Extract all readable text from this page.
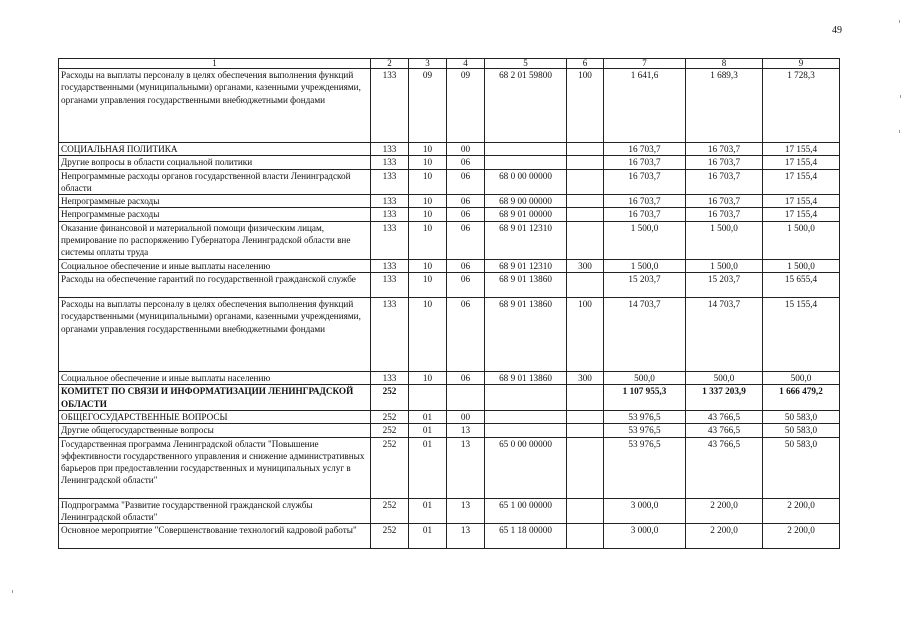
49
1	2	3	4	5	6	7	8	9
Расходы на выплаты персоналу в целях обеспечения выполнения функций государственными (муниципальными) органами, казенными учреждениями, органами управления государственными внебюджетными фондами	133	09	09	68 2 01 59800	100	1 641,6	1 689,3	1 728,3
СОЦИАЛЬНАЯ ПОЛИТИКА	133	10	00			16 703,7	16 703,7	17 155,4
Другие вопросы в области социальной политики	133	10	06			16 703,7	16 703,7	17 155,4
Непрограммные расходы органов государственной власти Ленинградской области	133	10	06	68 0 00 00000		16 703,7	16 703,7	17 155,4
Непрограммные расходы	133	10	06	68 9 00 00000		16 703,7	16 703,7	17 155,4
Непрограммные расходы	133	10	06	68 9 01 00000		16 703,7	16 703,7	17 155,4
Оказание финансовой и материальной помощи физическим лицам, премирование по распоряжению Губернатора Ленинградской области вне системы оплаты труда	133	10	06	68 9 01 12310		1 500,0	1 500,0	1 500,0
Социальное обеспечение и иные выплаты населению	133	10	06	68 9 01 12310	300	1 500,0	1 500,0	1 500,0
Расходы на обеспечение гарантий по государственной гражданской службе	133	10	06	68 9 01 13860		15 203,7	15 203,7	15 655,4
Расходы на выплаты персоналу в целях обеспечения выполнения функций государственными (муниципальными) органами, казенными учреждениями, органами управления государственными внебюджетными фондами	133	10	06	68 9 01 13860	100	14 703,7	14 703,7	15 155,4
Социальное обеспечение и иные выплаты населению	133	10	06	68 9 01 13860	300	500,0	500,0	500,0
КОМИТЕТ ПО СВЯЗИ И ИНФОРМАТИЗАЦИИ ЛЕНИНГРАДСКОЙ ОБЛАСТИ	252					1 107 955,3	1 337 203,9	1 666 479,2
ОБЩЕГОСУДАРСТВЕННЫЕ ВОПРОСЫ	252	01	00			53 976,5	43 766,5	50 583,0
Другие общегосударственные вопросы	252	01	13			53 976,5	43 766,5	50 583,0
Государственная программа Ленинградской области "Повышение эффективности государственного управления и снижение административных барьеров при предоставлении государственных и муниципальных услуг в Ленинградской области"	252	01	13	65 0 00 00000		53 976,5	43 766,5	50 583,0
Подпрограмма "Развитие государственной гражданской службы Ленинградской области"	252	01	13	65 1 00 00000		3 000,0	2 200,0	2 200,0
Основное мероприятие "Совершенствование технологий кадровой работы"	252	01	13	65 1 18 00000		3 000,0	2 200,0	2 200,0
